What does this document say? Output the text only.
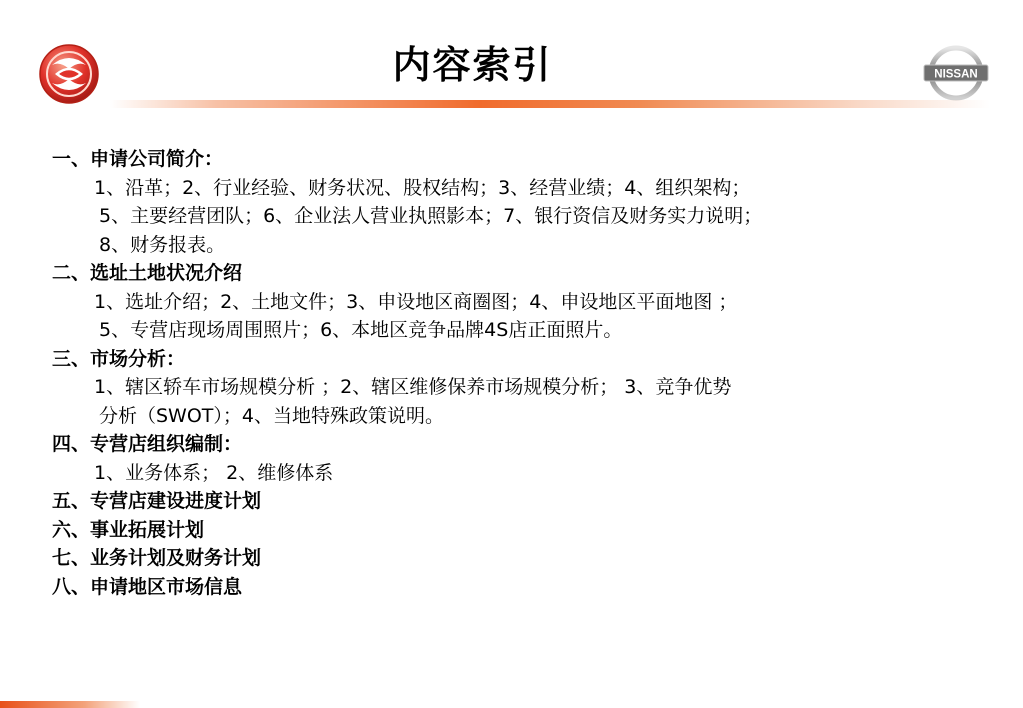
NISSAN
内容索引
一、申请公司简介：
1、沿革；2、行业经验、财务状况、股权结构；3、经营业绩；4、组织架构；
5、主要经营团队；6、企业法人营业执照影本；7、银行资信及财务实力说明；
8、财务报表。
二、选址土地状况介绍
1、选址介绍；2、土地文件；3、申设地区商圈图；4、申设地区平面地图 ；
5、专营店现场周围照片；6、本地区竞争品牌4S店正面照片。
三、市场分析：
1、辖区轿车市场规模分析 ；2、辖区维修保养市场规模分析； 3、竞争优势
分析（SWOT）；4、当地特殊政策说明。
四、专营店组织编制：
1、业务体系； 2、维修体系
五、专营店建设进度计划
六、事业拓展计划
七、业务计划及财务计划
八、申请地区市场信息
